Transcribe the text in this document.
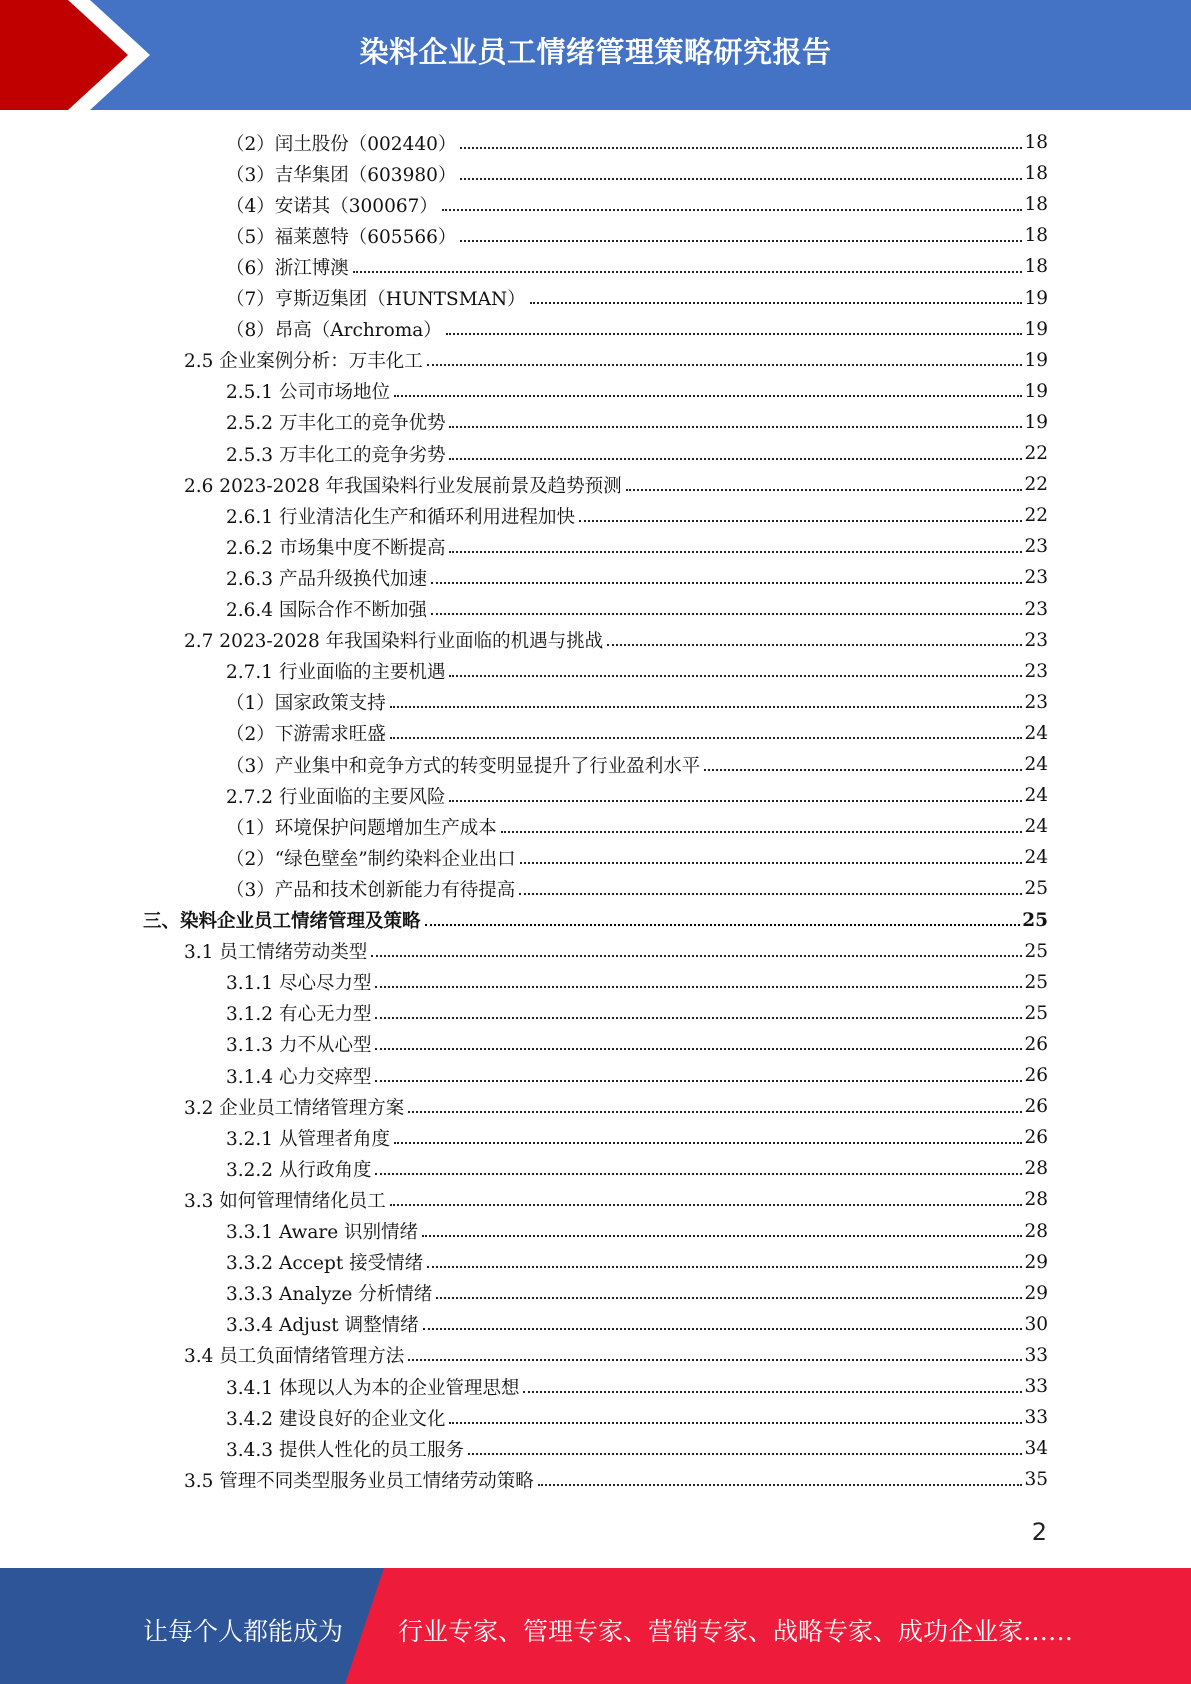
染料企业员工情绪管理策略研究报告
（2）闰土股份（002440）	18
（3）吉华集团（603980）	18
（4）安诺其（300067）	18
（5）福莱蒽特（605566）	18
（6）浙江博澳	18
（7）亨斯迈集团（HUNTSMAN）	19
（8）昂高（Archroma）	19
2.5 企业案例分析：万丰化工	19
2.5.1 公司市场地位	19
2.5.2 万丰化工的竞争优势	19
2.5.3 万丰化工的竞争劣势	22
2.6 2023-2028 年我国染料行业发展前景及趋势预测	22
2.6.1 行业清洁化生产和循环利用进程加快	22
2.6.2 市场集中度不断提高	23
2.6.3 产品升级换代加速	23
2.6.4 国际合作不断加强	23
2.7 2023-2028 年我国染料行业面临的机遇与挑战	23
2.7.1 行业面临的主要机遇	23
（1）国家政策支持	23
（2）下游需求旺盛	24
（3）产业集中和竞争方式的转变明显提升了行业盈利水平	24
2.7.2 行业面临的主要风险	24
（1）环境保护问题增加生产成本	24
（2）“绿色壁垒”制约染料企业出口	24
（3）产品和技术创新能力有待提高	25
三、染料企业员工情绪管理及策略	25
3.1 员工情绪劳动类型	25
3.1.1 尽心尽力型	25
3.1.2 有心无力型	25
3.1.3 力不从心型	26
3.1.4 心力交瘁型	26
3.2 企业员工情绪管理方案	26
3.2.1 从管理者角度	26
3.2.2 从行政角度	28
3.3 如何管理情绪化员工	28
3.3.1 Aware 识别情绪	28
3.3.2 Accept 接受情绪	29
3.3.3 Analyze 分析情绪	29
3.3.4 Adjust 调整情绪	30
3.4 员工负面情绪管理方法	33
3.4.1 体现以人为本的企业管理思想	33
3.4.2 建设良好的企业文化	33
3.4.3 提供人性化的员工服务	34
3.5 管理不同类型服务业员工情绪劳动策略	35
2
让每个人都能成为 行业专家、管理专家、营销专家、战略专家、成功企业家……
